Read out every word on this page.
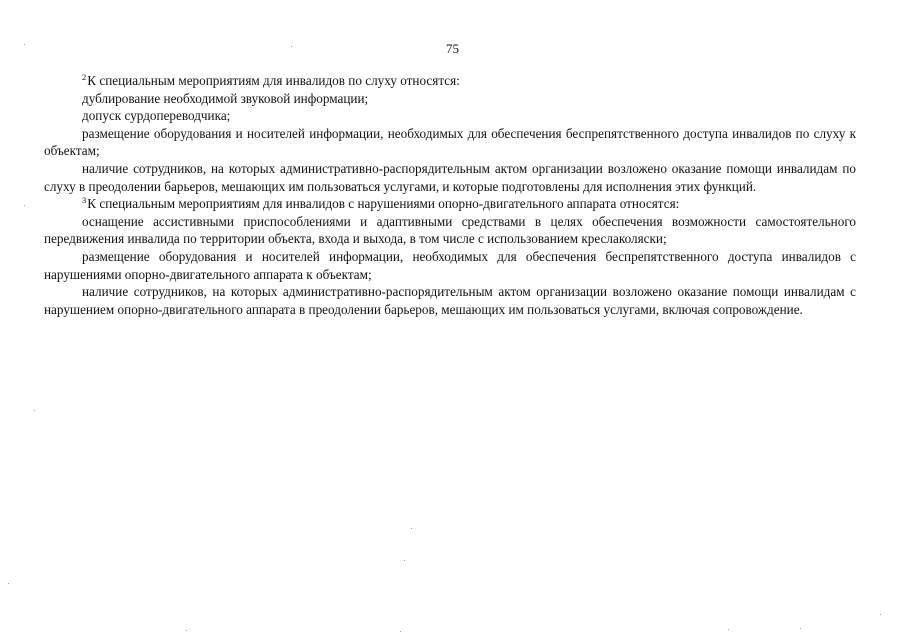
75

$^2$К специальным мероприятиям для инвалидов по слуху относятся:

дублирование необходимой звуковой информации;

допуск сурдопереводчика;

размещение оборудования и носителей информации, необходимых для обеспечения беспрепятственного доступа инвалидов по слуху к объектам;

наличие сотрудников, на которых административно-распорядительным актом организации возложено оказание помощи инвалидам по слуху в преодолении барьеров, мешающих им пользоваться услугами, и которые подготовлены для исполнения этих функций.

$^3$К специальным мероприятиям для инвалидов с нарушениями опорно-двигательного аппарата относятся:

оснащение ассистивными приспособлениями и адаптивными средствами в целях обеспечения возможности самостоятельного передвижения инвалида по территории объекта, входа и выхода, в том числе с использованием креслаколяски;

размещение оборудования и носителей информации, необходимых для обеспечения беспрепятственного доступа инвалидов с нарушениями опорно-двигательного аппарата к объектам;

наличие сотрудников, на которых административно-распорядительным актом организации возложено оказание помощи инвалидам с нарушением опорно-двигательного аппарата в преодолении барьеров, мешающих им пользоваться услугами, включая сопровождение.
